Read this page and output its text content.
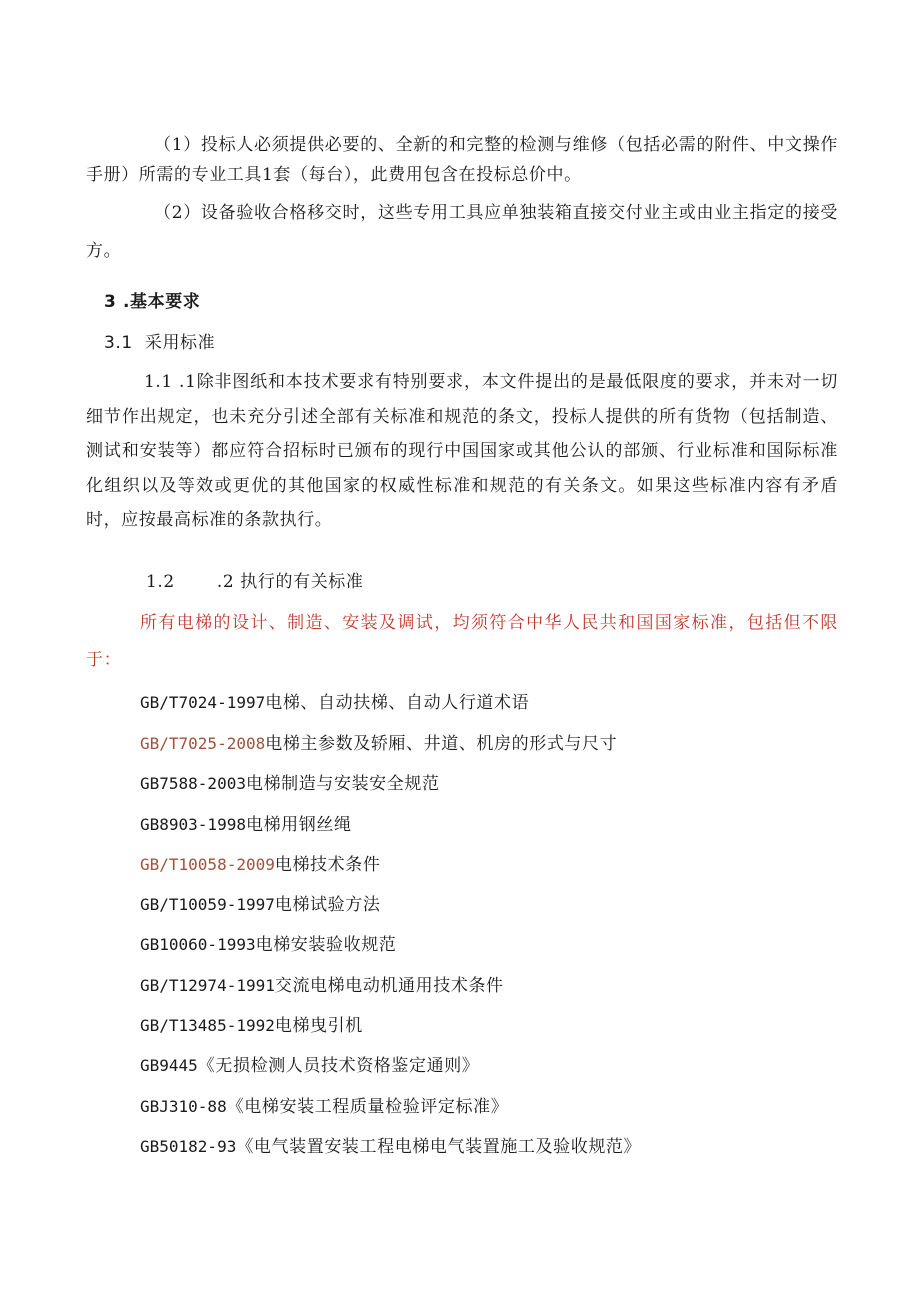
（1）投标人必须提供必要的、全新的和完整的检测与维修（包括必需的附件、中文操作手册）所需的专业工具1套（每台），此费用包含在投标总价中。

（2）设备验收合格移交时，这些专用工具应单独装箱直接交付业主或由业主指定的接受方。

3 .基本要求

3.1 采用标准

1.1 .1除非图纸和本技术要求有特别要求，本文件提出的是最低限度的要求，并未对一切细节作出规定，也未充分引述全部有关标准和规范的条文，投标人提供的所有货物（包括制造、测试和安装等）都应符合招标时已颁布的现行中国国家或其他公认的部颁、行业标准和国际标准化组织以及等效或更优的其他国家的权威性标准和规范的有关条文。如果这些标准内容有矛盾时，应按最高标准的条款执行。

1.2 .2 执行的有关标准

所有电梯的设计、制造、安装及调试，均须符合中华人民共和国国家标准，包括但不限于：

GB/T7024-1997电梯、自动扶梯、自动人行道术语

GB/T7025-2008电梯主参数及轿厢、井道、机房的形式与尺寸

GB7588-2003电梯制造与安装安全规范

GB8903-1998电梯用钢丝绳

GB/T10058-2009电梯技术条件

GB/T10059-1997电梯试验方法

GB10060-1993电梯安装验收规范

GB/T12974-1991交流电梯电动机通用技术条件

GB/T13485-1992电梯曳引机

GB9445《无损检测人员技术资格鉴定通则》

GBJ310-88《电梯安装工程质量检验评定标准》

GB50182-93《电气装置安装工程电梯电气装置施工及验收规范》
